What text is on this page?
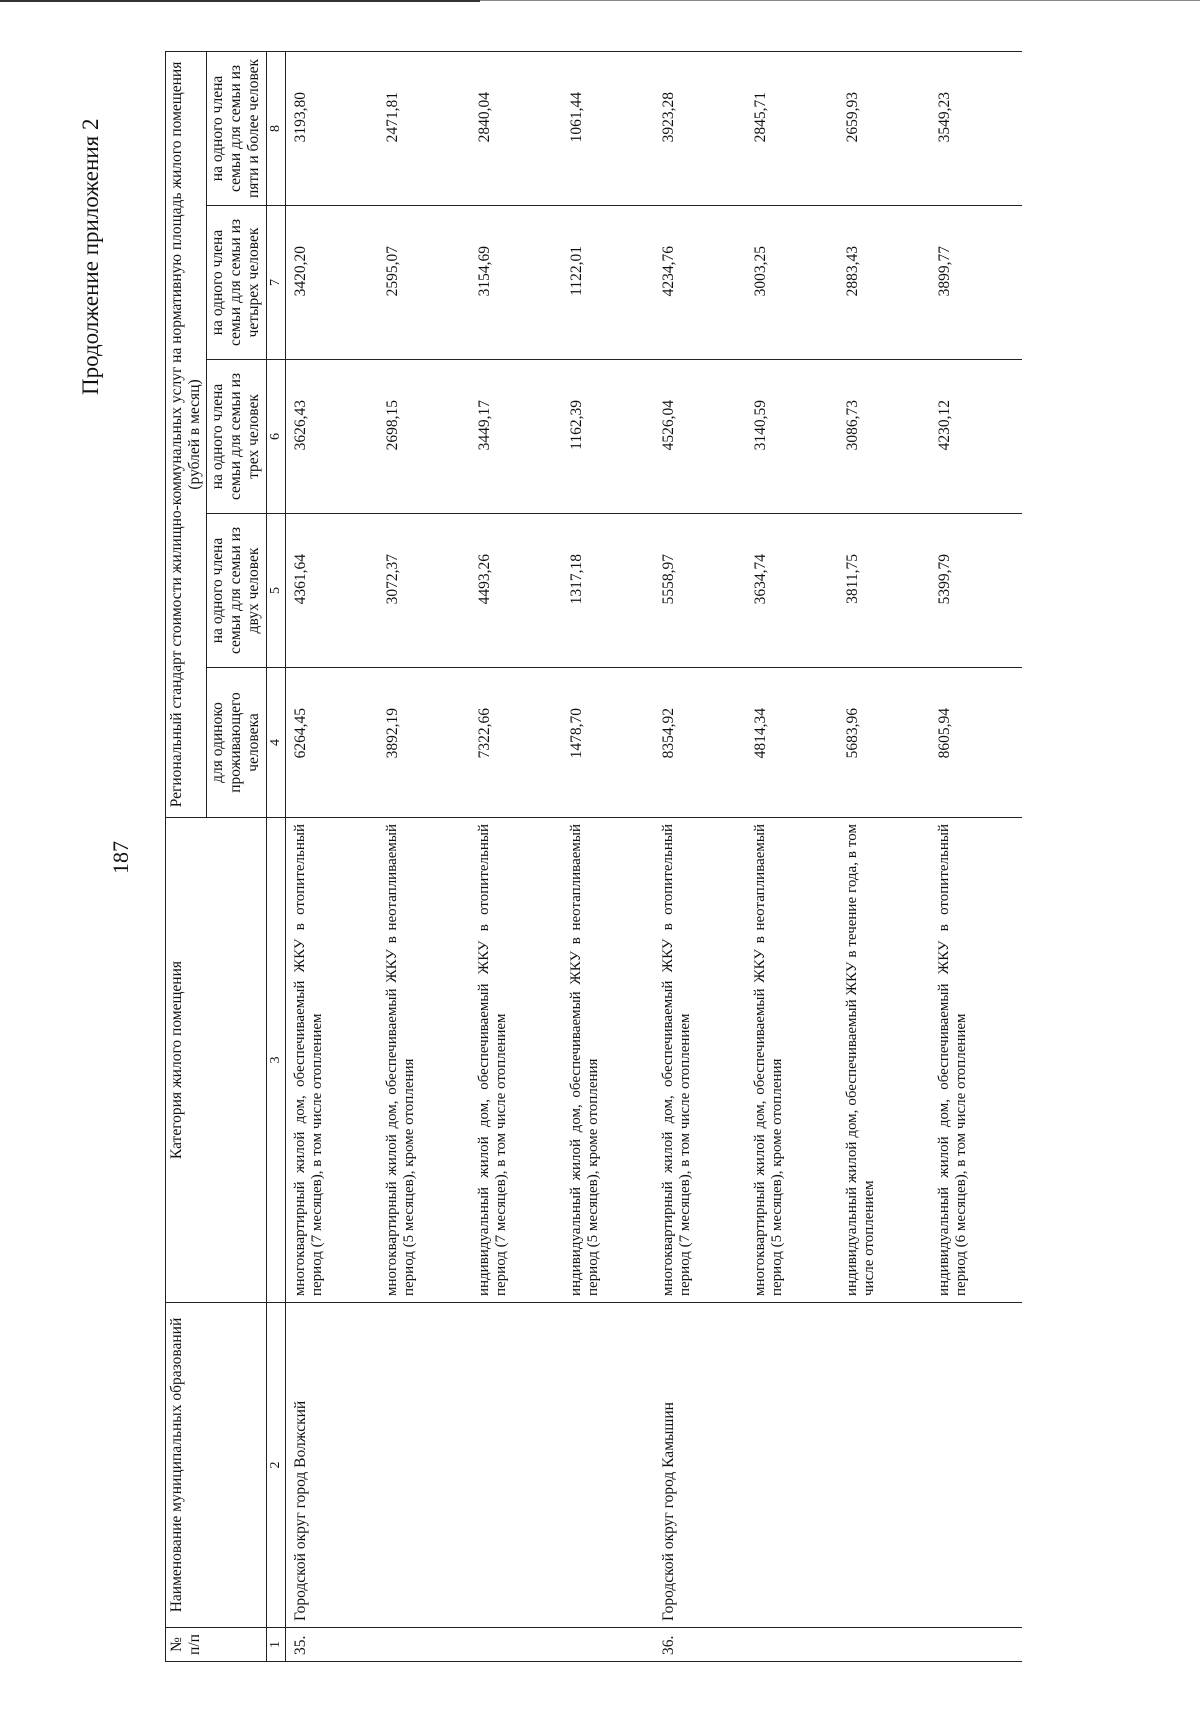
Продолжение приложения 2
187
№ п/п	Наименование муниципальных образований	Категория жилого помещения	Региональный стандарт стоимости жилищно-коммунальных услуг на нормативную площадь жилого помещения (рублей в месяц)				
			для одиноко проживающего человека	на одного члена семьи для семьи из двух человек	на одного члена семьи для семьи из трех человек	на одного члена семьи для семьи из четырех человек	на одного члена семьи для семьи из пяти и более человек
1	2	3	4	5	6	7	8
35.	Городской округ город Волжский	многоквартирный жилой дом, обеспечиваемый ЖКУ в отопительный период (7 месяцев), в том числе отоплением	6264,45	4361,64	3626,43	3420,20	3193,80
		многоквартирный жилой дом, обеспечиваемый ЖКУ в неотапливаемый период (5 месяцев), кроме отопления	3892,19	3072,37	2698,15	2595,07	2471,81
		индивидуальный жилой дом, обеспечиваемый ЖКУ в отопительный период (7 месяцев), в том числе отоплением	7322,66	4493,26	3449,17	3154,69	2840,04
		индивидуальный жилой дом, обеспечиваемый ЖКУ в неотапливаемый период (5 месяцев), кроме отопления	1478,70	1317,18	1162,39	1122,01	1061,44
36.	Городской округ город Камышин	многоквартирный жилой дом, обеспечиваемый ЖКУ в отопительный период (7 месяцев), в том числе отоплением	8354,92	5558,97	4526,04	4234,76	3923,28
		многоквартирный жилой дом, обеспечиваемый ЖКУ в неотапливаемый период (5 месяцев), кроме отопления	4814,34	3634,74	3140,59	3003,25	2845,71
		индивидуальный жилой дом, обеспечиваемый ЖКУ в течение года, в том числе отоплением	5683,96	3811,75	3086,73	2883,43	2659,93
		индивидуальный жилой дом, обеспечиваемый ЖКУ в отопительный период (6 месяцев), в том числе отоплением	8605,94	5399,79	4230,12	3899,77	3549,23
